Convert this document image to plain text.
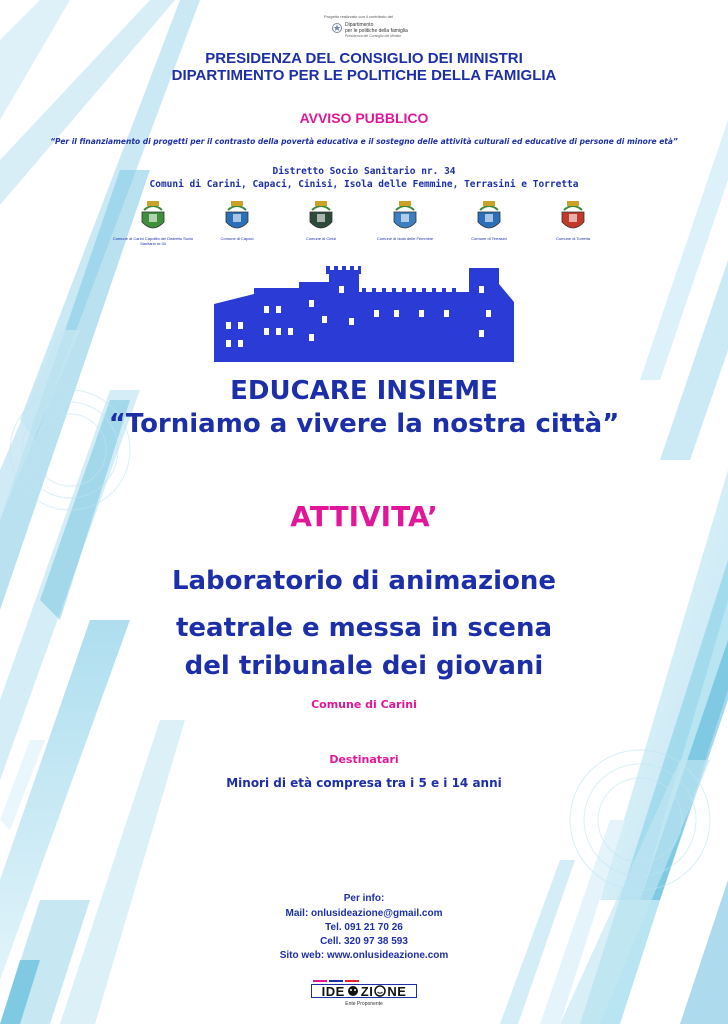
Progetto realizzato con il contributo del
Dipartimento
per le politiche della famiglia
Presidenza del Consiglio dei Ministri
PRESIDENZA DEL CONSIGLIO DEI MINISTRI
DIPARTIMENTO PER LE POLITICHE DELLA FAMIGLIA
AVVISO PUBBLICO
“Per il finanziamento di progetti per il contrasto della povertà educativa e il sostegno delle attività culturali ed educative di persone di minore età”
Distretto Socio Sanitario nr. 34
Comuni di Carini, Capaci, Cinisi, Isola delle Femmine, Terrasini e Torretta
Comune di Carini Capofila del Distretto Socio Sanitario nr.34
Comune di Capaci	Comune di Cinisi	Comune di Isola delle Femmine	Comune di Terrasini	Comune di Torretta
EDUCARE INSIEME
“Torniamo a vivere la nostra città”
ATTIVITA’
Laboratorio di animazione
teatrale e messa in scena
del tribunale dei giovani
Comune di Carini
Destinatari
Minori di età compresa tra i 5 e i 14 anni
Per info:
Mail: onlusideazione@gmail.com
Tel. 091 21 70 26
Cell. 320 97 38 593
Sito web: www.onlusideazione.com
IDE ZI NE
Ente Proponente
